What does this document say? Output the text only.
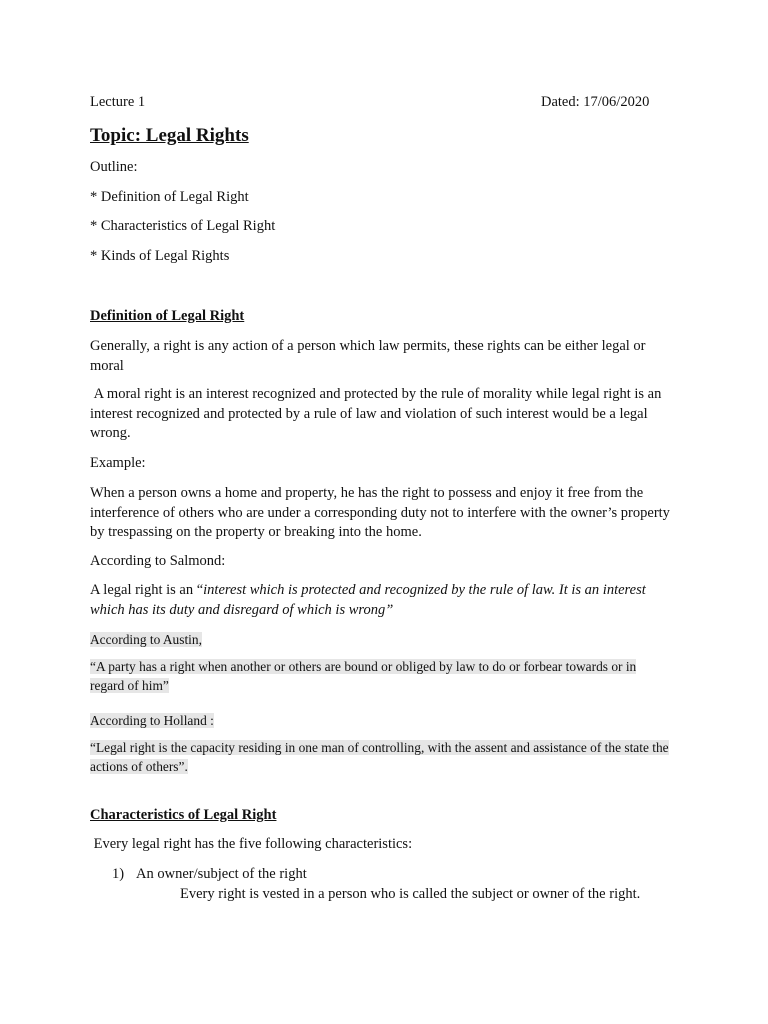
Lecture 1	Dated: 17/06/2020
Topic: Legal Rights
Outline:
* Definition of Legal Right
* Characteristics of Legal Right
* Kinds of Legal Rights
Definition of Legal Right

Generally, a right is any action of a person which law permits, these rights can be either legal or moral

A moral right is an interest recognized and protected by the rule of morality while legal right is an interest recognized and protected by a rule of law and violation of such interest would be a legal wrong.

Example:

When a person owns a home and property, he has the right to possess and enjoy it free from the interference of others who are under a corresponding duty not to interfere with the owner’s property by trespassing on the property or breaking into the home.

According to Salmond:

A legal right is an “interest which is protected and recognized by the rule of law. It is an interest which has its duty and disregard of which is wrong”

According to Austin,

“A party has a right when another or others are bound or obliged by law to do or forbear towards or in regard of him”

According to Holland :

“Legal right is the capacity residing in one man of controlling, with the assent and assistance of the state the actions of others”.

Characteristics of Legal Right
Every legal right has the five following characteristics:
1) An owner/subject of the right
Every right is vested in a person who is called the subject or owner of the right.
